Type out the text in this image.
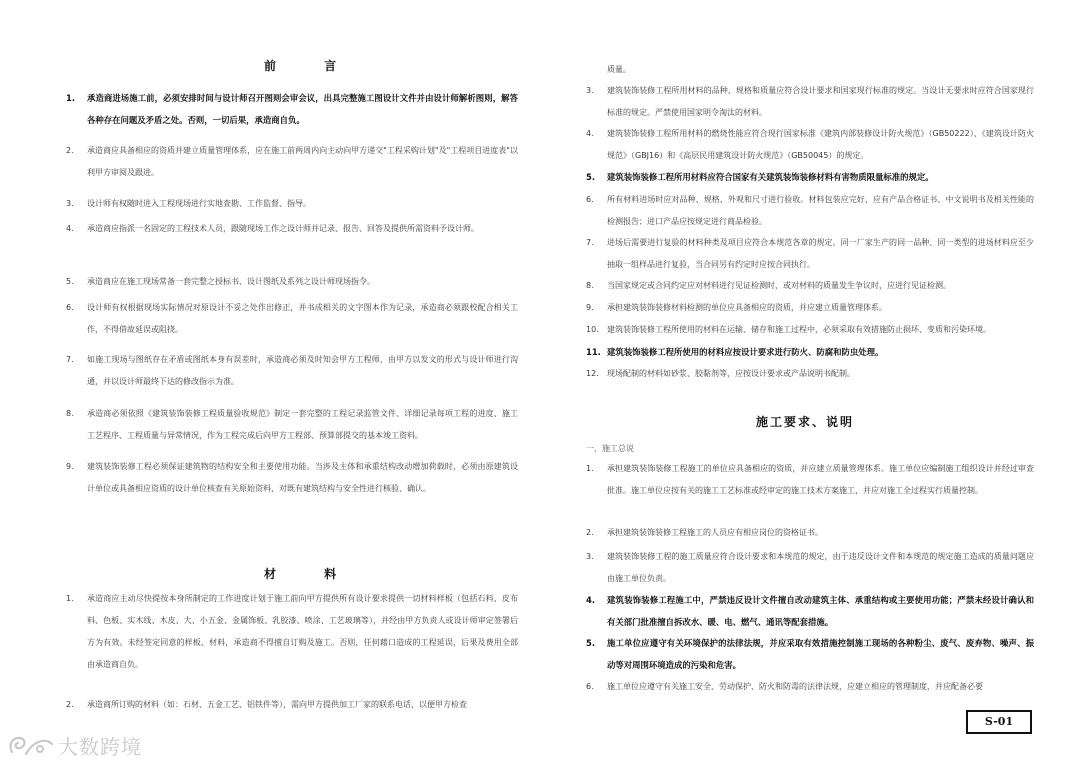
前 言
1.	承造商进场施工前，必须安排时间与设计师召开图则会审会议，出具完整施工图设计文件并由设计师解析图则，解答各种存在问题及矛盾之处。否则，一切后果，承造商自负。
2.	承造商应具备相应的资质并建立质量管理体系，应在施工前两周内向主动向甲方递交"工程采购计划"及"工程项目进度表"以利甲方审阅及跟进。
3.	设计师有权随时进入工程现场进行实地查勘、工作监督、指导。
4.	承造商应指派一名固定的工程技术人员，跟随现场工作之设计师并记录、报告、回答及提供所需资料予设计师。
5.	承造商应在施工现场常备一套完整之授标书、设计图纸及系列之设计师现场指令。
6.	设计师有权根据现场实际情况对原设计不妥之处作出修正，并书成相关的文字图本作为记录，承造商必须跟校配合相关工作，不得借故延误或阻挠。
7.	如施工现场与图纸存在矛盾或图纸本身有误差时，承造商必须及时知会甲方工程师，由甲方以发文的形式与设计师进行沟通，并以设计师最终下达的修改指示为准。
8.	承造商必须依照《建筑装饰装修工程质量验收规范》制定一套完整的工程记录监管文件、详细记录每项工程的进度、施工工艺程序、工程质量与异常情况，作为工程完成后向甲方工程部、预算部提交的基本竣工资料。
9.	建筑装饰装修工程必须保证建筑物的结构安全和主要使用功能。当涉及主体和承重结构改动增加荷载时，必须由原建筑设计单位或具备相应资质的设计单位核查有关原始资料，对既有建筑结构与安全性进行核验、确认。
材 料
1.	承造商应主动尽快提按本身所制定的工作进度计划于施工前向甲方提供所有设计要求提供一切材料样板（包括石料、皮布料、色板、实木线、木皮、大、小五金、金属饰板、乳胶漆、喷涂、工艺玻璃等），并经由甲方负责人或设计师审定签署后方为有效。未经签定同意的样板、材料，承造商不得擅自订购及施工。否则，任何藉口造成的工程延误，后果及费用全部由承造商自负。
2.	承造商所订购的材料（如：石材、五金工艺、铝铁件等），需向甲方提供加工厂家的联系电话，以便甲方检查
质量。
3.	建筑装饰装修工程所用材料的品种、规格和质量应符合设计要求和国家现行标准的规定。当设计无要求时应符合国家现行标准的规定。严禁使用国家明令淘汰的材料。
4.	建筑装饰装修工程所用材料的燃烧性能应符合现行国家标准《建筑内部装修设计防火规范》（GB50222）、《建筑设计防火规范》（GBJ16）和《高层民用建筑设计防火规范》（GB50045）的规定。
5.	建筑装饰装修工程所用材料应符合国家有关建筑装饰装修材料有害物质限量标准的规定。
6.	所有材料进场时应对品种、规格、外观和尺寸进行验收。材料包装应完好，应有产品合格证书、中文说明书及相关性能的检测报告；进口产品应按规定进行商品检验。
7.	进场后需要进行复验的材料种类及项目应符合本规范各章的规定。同一厂家生产的同一品种、同一类型的进场材料应至少抽取一组样品进行复验，当合同另有约定时应按合同执行。
8.	当国家规定或合同约定应对材料进行见证检测时，或对材料的质量发生争议时，应进行见证检测。
9.	承担建筑装饰装修材料检测的单位应具备相应的资质，并应建立质量管理体系。
10.	建筑装饰装修工程所使用的材料在运输、储存和施工过程中，必须采取有效措施防止损坏、变质和污染环境。
11. 建筑装饰装修工程所使用的材料应按设计要求进行防火、防腐和防虫处理。
12.	现场配制的材料如砂浆、胶黏剂等，应按设计要求或产品说明书配制。
施工要求、说明
一、施工总说
1.	承担建筑装饰装修工程施工的单位应具备相应的资质，并应建立质量管理体系。施工单位应编制施工组织设计并经过审查批准。施工单位应按有关的施工工艺标准或经审定的施工技术方案施工，并应对施工全过程实行质量控制。
2.	承担建筑装饰装修工程施工的人员应有相应岗位的资格证书。
3.	建筑装饰装修工程的施工质量应符合设计要求和本规范的规定，由于违反设计文件和本规范的规定施工造成的质量问题应由施工单位负责。
4.	建筑装饰装修工程施工中，严禁违反设计文件擅自改动建筑主体、承重结构或主要使用功能；严禁未经设计确认和有关部门批准擅自拆改水、暖、电、燃气、通讯等配套措施。
5.	施工单位应遵守有关环境保护的法律法规，并应采取有效措施控制施工现场的各种粉尘、废气、废弃物、噪声、振动等对周围环境造成的污染和危害。
6.	施工单位应遵守有关施工安全、劳动保护、防火和防毒的法律法规，应建立相应的管理制度，并应配备必要
S-01
大数跨境
